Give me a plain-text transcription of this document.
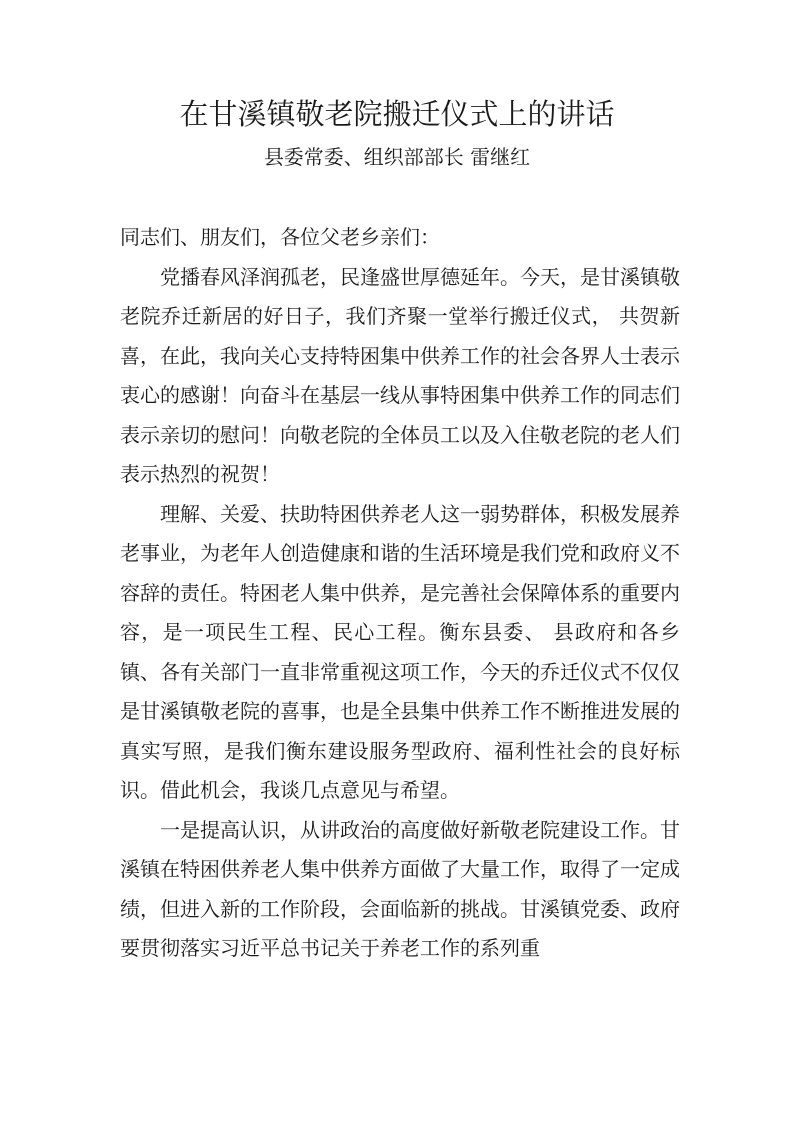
在甘溪镇敬老院搬迁仪式上的讲话
县委常委、组织部部长 雷继红

同志们、朋友们，各位父老乡亲们：

党播春风泽润孤老，民逢盛世厚德延年。今天，是甘溪镇敬老院乔迁新居的好日子，我们齐聚一堂举行搬迁仪式， 共贺新喜，在此，我向关心支持特困集中供养工作的社会各界人士表示衷心的感谢！向奋斗在基层一线从事特困集中供养工作的同志们表示亲切的慰问！向敬老院的全体员工以及入住敬老院的老人们表示热烈的祝贺！

理解、关爱、扶助特困供养老人这一弱势群体，积极发展养老事业，为老年人创造健康和谐的生活环境是我们党和政府义不容辞的责任。特困老人集中供养，是完善社会保障体系的重要内容，是一项民生工程、民心工程。衡东县委、 县政府和各乡镇、各有关部门一直非常重视这项工作，今天的乔迁仪式不仅仅是甘溪镇敬老院的喜事，也是全县集中供养工作不断推进发展的真实写照，是我们衡东建设服务型政府、福利性社会的良好标识。借此机会，我谈几点意见与希望。

一是提高认识，从讲政治的高度做好新敬老院建设工作。甘溪镇在特困供养老人集中供养方面做了大量工作，取得了一定成绩，但进入新的工作阶段，会面临新的挑战。甘溪镇党委、政府要贯彻落实习近平总书记关于养老工作的系列重
